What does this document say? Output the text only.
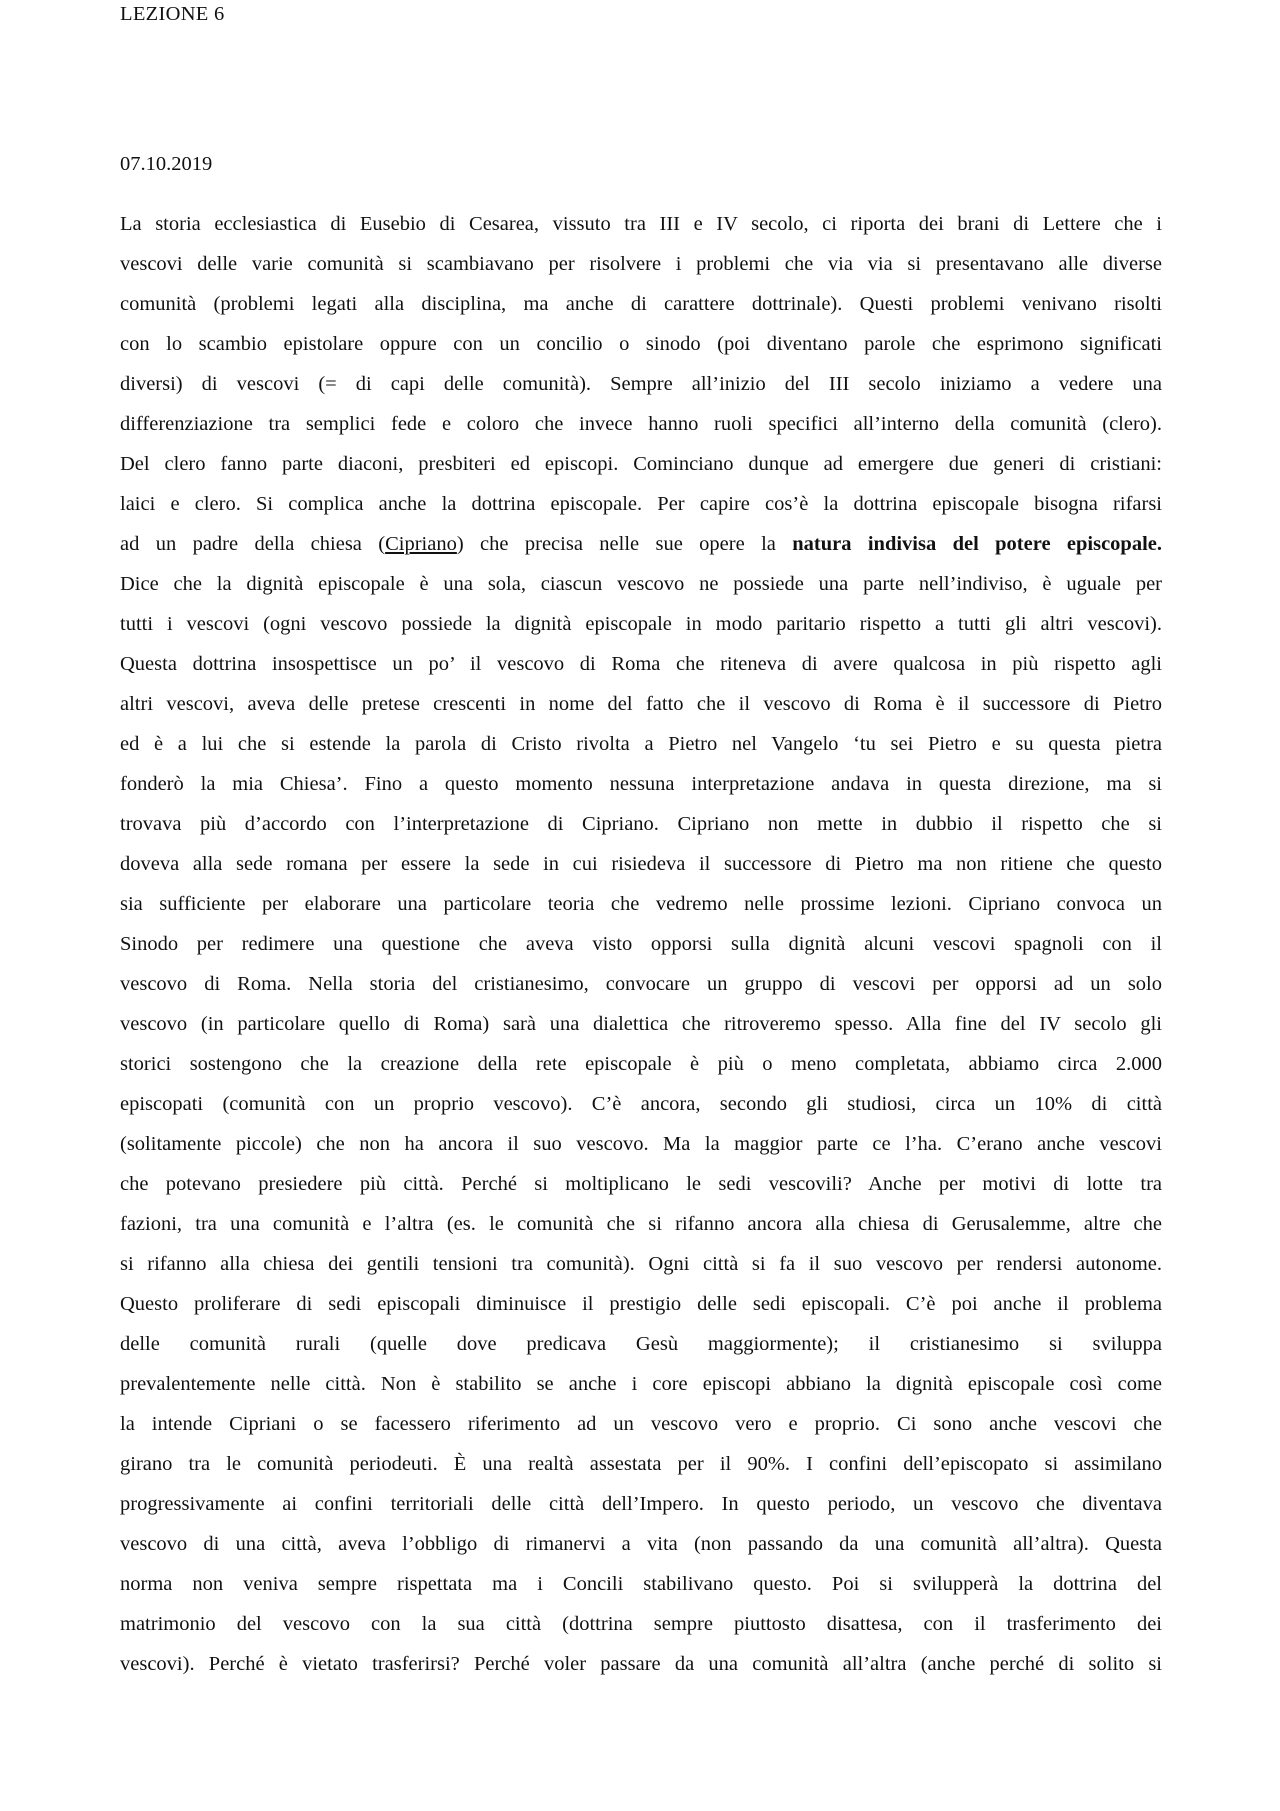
LEZIONE 6
07.10.2019
La storia ecclesiastica di Eusebio di Cesarea, vissuto tra III e IV secolo, ci riporta dei brani di Lettere che i
vescovi delle varie comunità si scambiavano per risolvere i problemi che via via si presentavano alle diverse
comunità (problemi legati alla disciplina, ma anche di carattere dottrinale). Questi problemi venivano risolti
con lo scambio epistolare oppure con un concilio o sinodo (poi diventano parole che esprimono significati
diversi) di vescovi (= di capi delle comunità). Sempre all’inizio del III secolo iniziamo a vedere una
differenziazione tra semplici fede e coloro che invece hanno ruoli specifici all’interno della comunità (clero).
Del clero fanno parte diaconi, presbiteri ed episcopi. Cominciano dunque ad emergere due generi di cristiani:
laici e clero. Si complica anche la dottrina episcopale. Per capire cos’è la dottrina episcopale bisogna rifarsi
ad un padre della chiesa (Cipriano) che precisa nelle sue opere la natura indivisa del potere episcopale.
Dice che la dignità episcopale è una sola, ciascun vescovo ne possiede una parte nell’indiviso, è uguale per
tutti i vescovi (ogni vescovo possiede la dignità episcopale in modo paritario rispetto a tutti gli altri vescovi).
Questa dottrina insospettisce un po’ il vescovo di Roma che riteneva di avere qualcosa in più rispetto agli
altri vescovi, aveva delle pretese crescenti in nome del fatto che il vescovo di Roma è il successore di Pietro
ed è a lui che si estende la parola di Cristo rivolta a Pietro nel Vangelo ‘tu sei Pietro e su questa pietra
fonderò la mia Chiesa’. Fino a questo momento nessuna interpretazione andava in questa direzione, ma si
trovava più d’accordo con l’interpretazione di Cipriano. Cipriano non mette in dubbio il rispetto che si
doveva alla sede romana per essere la sede in cui risiedeva il successore di Pietro ma non ritiene che questo
sia sufficiente per elaborare una particolare teoria che vedremo nelle prossime lezioni. Cipriano convoca un
Sinodo per redimere una questione che aveva visto opporsi sulla dignità alcuni vescovi spagnoli con il
vescovo di Roma. Nella storia del cristianesimo, convocare un gruppo di vescovi per opporsi ad un solo
vescovo (in particolare quello di Roma) sarà una dialettica che ritroveremo spesso. Alla fine del IV secolo gli
storici sostengono che la creazione della rete episcopale è più o meno completata, abbiamo circa 2.000
episcopati (comunità con un proprio vescovo). C’è ancora, secondo gli studiosi, circa un 10% di città
(solitamente piccole) che non ha ancora il suo vescovo. Ma la maggior parte ce l’ha. C’erano anche vescovi
che potevano presiedere più città. Perché si moltiplicano le sedi vescovili? Anche per motivi di lotte tra
fazioni, tra una comunità e l’altra (es. le comunità che si rifanno ancora alla chiesa di Gerusalemme, altre che
si rifanno alla chiesa dei gentili tensioni tra comunità). Ogni città si fa il suo vescovo per rendersi autonome.
Questo proliferare di sedi episcopali diminuisce il prestigio delle sedi episcopali. C’è poi anche il problema
delle comunità rurali (quelle dove predicava Gesù maggiormente); il cristianesimo si sviluppa
prevalentemente nelle città. Non è stabilito se anche i core episcopi abbiano la dignità episcopale così come
la intende Cipriani o se facessero riferimento ad un vescovo vero e proprio. Ci sono anche vescovi che
girano tra le comunità periodeuti. È una realtà assestata per il 90%. I confini dell’episcopato si assimilano
progressivamente ai confini territoriali delle città dell’Impero. In questo periodo, un vescovo che diventava
vescovo di una città, aveva l’obbligo di rimanervi a vita (non passando da una comunità all’altra). Questa
norma non veniva sempre rispettata ma i Concili stabilivano questo. Poi si svilupperà la dottrina del
matrimonio del vescovo con la sua città (dottrina sempre piuttosto disattesa, con il trasferimento dei
vescovi). Perché è vietato trasferirsi? Perché voler passare da una comunità all’altra (anche perché di solito si
